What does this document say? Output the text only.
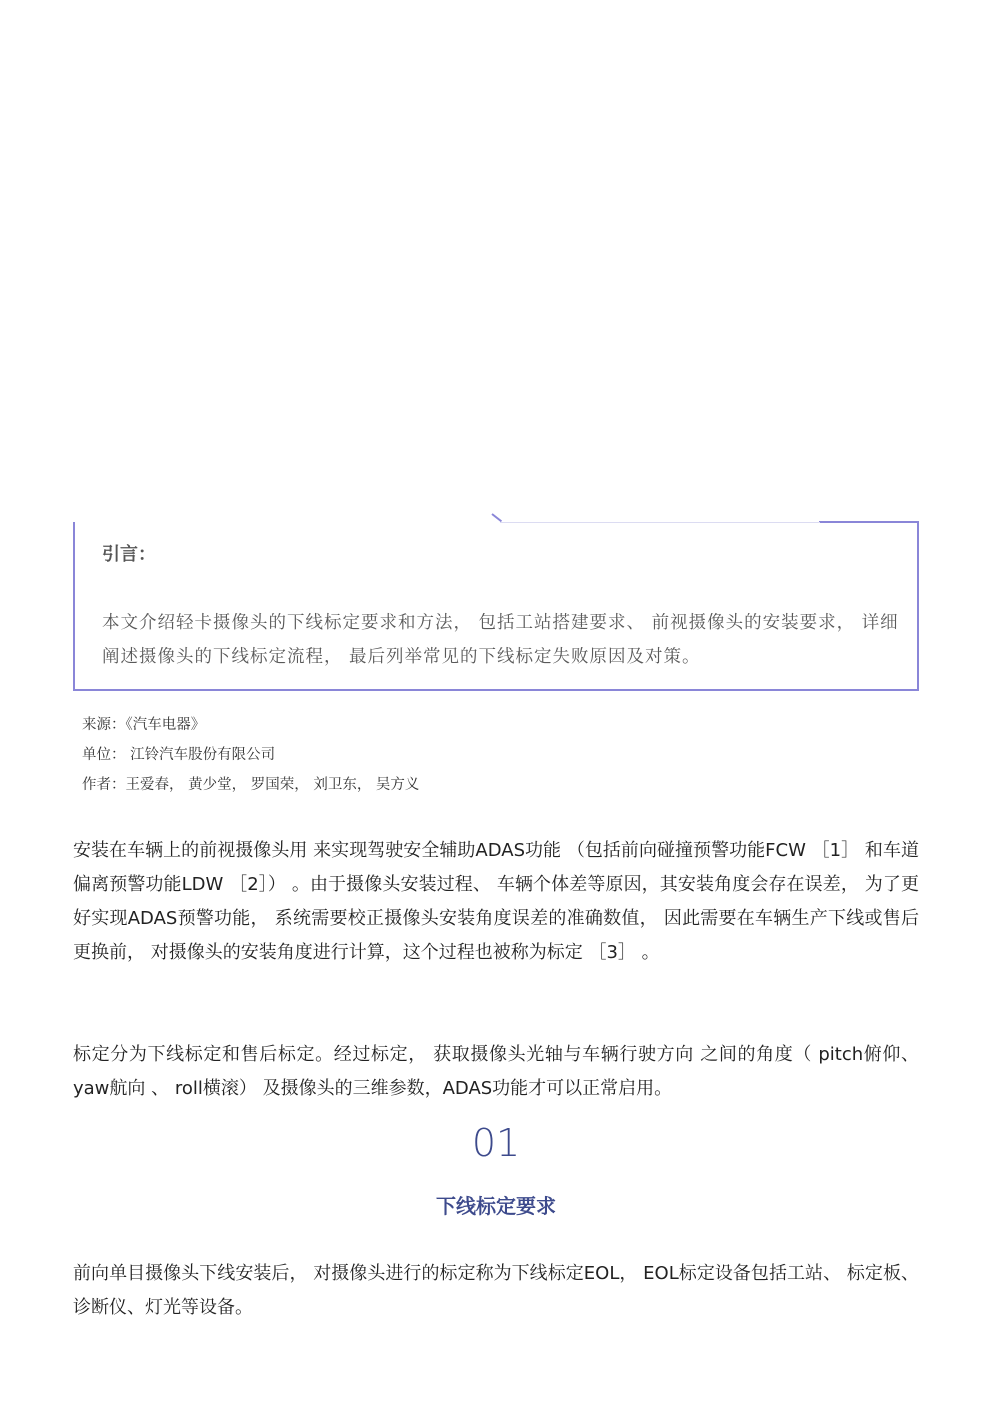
引言：
本文介绍轻卡摄像头的下线标定要求和方法， 包括工站搭建要求、 前视摄像头的安装要求， 详细阐述摄像头的下线标定流程， 最后列举常见的下线标定失败原因及对策。
来源：《汽车电器》
单位： 江铃汽车股份有限公司
作者：王爱春， 黄少堂， 罗国荣， 刘卫东， 吴方义
安装在车辆上的前视摄像头用 来实现驾驶安全辅助ADAS功能 （包括前向碰撞预警功能FCW ［1］ 和车道偏离预警功能LDW ［2］） 。由于摄像头安装过程、 车辆个体差等原因，其安装角度会存在误差， 为了更好实现ADAS预警功能， 系统需要校正摄像头安装角度误差的准确数值， 因此需要在车辆生产下线或售后更换前， 对摄像头的安装角度进行计算，这个过程也被称为标定 ［3］ 。
标定分为下线标定和售后标定。经过标定， 获取摄像头光轴与车辆行驶方向 之间的角度（ pitch俯仰、 yaw航向 、 roll横滚） 及摄像头的三维参数，ADAS功能才可以正常启用。
01
下线标定要求
前向单目摄像头下线安装后， 对摄像头进行的标定称为下线标定EOL， EOL标定设备包括工站、 标定板、 诊断仪、灯光等设备。
